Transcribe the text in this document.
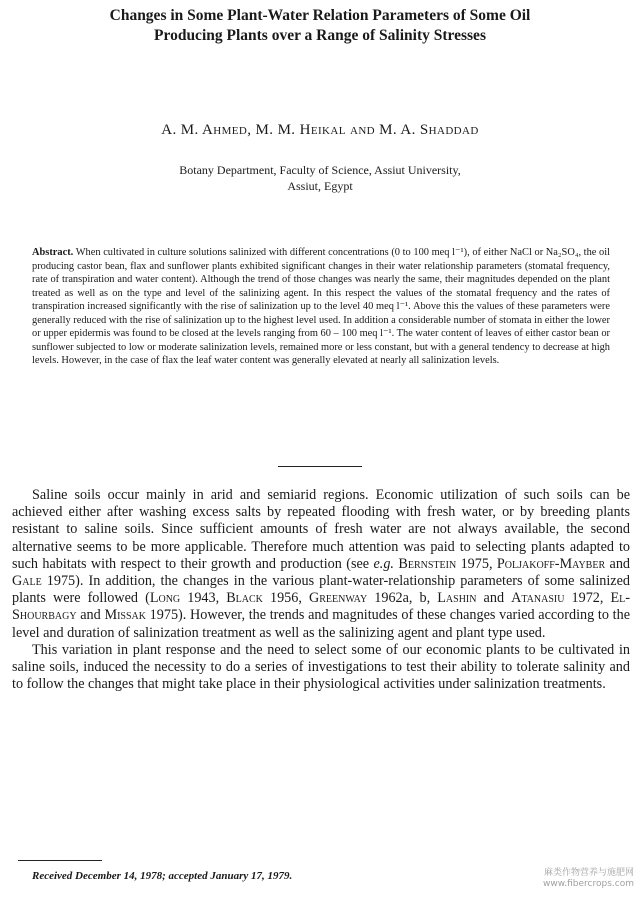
Changes in Some Plant-Water Relation Parameters of Some Oil
Producing Plants over a Range of Salinity Stresses
A. M. Ahmed, M. M. Heikal and M. A. Shaddad
Botany Department, Faculty of Science, Assiut University,
Assiut, Egypt
Abstract. When cultivated in culture solutions salinized with different concentrations (0 to 100 meq l⁻¹), of either NaCl or Na₂SO₄, the oil producing castor bean, flax and sunflower plants exhibited significant changes in their water relationship parameters (stomatal frequency, rate of transpiration and water content). Although the trend of those changes was nearly the same, their magnitudes depended on the plant treated as well as on the type and level of the salinizing agent. In this respect the values of the stomatal frequency and the rates of transpiration increased significantly with the rise of salinization up to the level 40 meq l⁻¹. Above this the values of these parameters were generally reduced with the rise of salinization up to the highest level used. In addition a considerable number of stomata in either the lower or upper epidermis was found to be closed at the levels ranging from 60 – 100 meq l⁻¹. The water content of leaves of either castor bean or sunflower subjected to low or moderate salinization levels, remained more or less constant, but with a general tendency to decrease at high levels. However, in the case of flax the leaf water content was generally elevated at nearly all salinization levels.

Saline soils occur mainly in arid and semiarid regions. Economic utilization of such soils can be achieved either after washing excess salts by repeated flooding with fresh water, or by breeding plants resistant to saline soils. Since sufficient amounts of fresh water are not always available, the second alternative seems to be more applicable. Therefore much attention was paid to selecting plants adapted to such habitats with respect to their growth and production (see e.g. Bernstein 1975, Poljakoff-Mayber and Gale 1975). In addition, the changes in the various plant-water-relationship parameters of some salinized plants were followed (Long 1943, Black 1956, Greenway 1962a, b, Lashin and Atanasiu 1972, El-Shourbagy and Missak 1975). However, the trends and magnitudes of these changes varied according to the level and duration of salinization treatment as well as the salinizing agent and plant type used.

This variation in plant response and the need to select some of our economic plants to be cultivated in saline soils, induced the necessity to do a series of investigations to test their ability to tolerate salinity and to follow the changes that might take place in their physiological activities under salinization treatments.

Received December 14, 1978; accepted January 17, 1979.	麻类作物营养与施肥网
www.fibercrops.com
